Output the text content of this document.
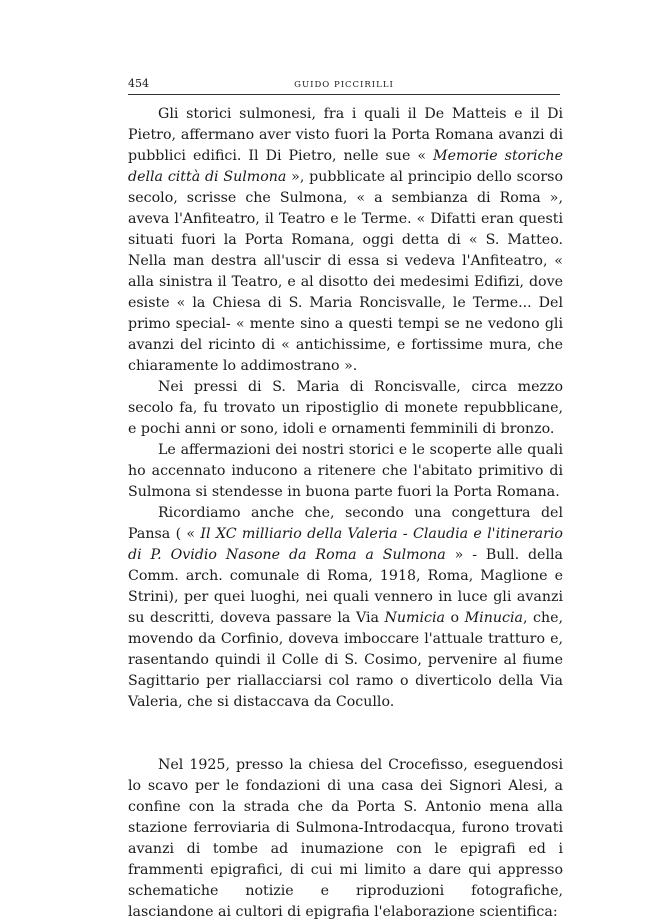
454	GUIDO PICCIRILLI

Gli storici sulmonesi, fra i quali il De Matteis e il Di Pietro, affermano aver visto fuori la Porta Romana avanzi di pubblici edifici. Il Di Pietro, nelle sue « Memorie storiche della città di Sulmona », pubblicate al principio dello scorso secolo, scrisse che Sulmona, « a sembianza di Roma », aveva l'Anfiteatro, il Teatro e le Terme. « Difatti eran questi situati fuori la Porta Romana, oggi detta di « S. Matteo. Nella man destra all'uscir di essa si vedeva l'Anfiteatro, « alla sinistra il Teatro, e al disotto dei medesimi Edifizi, dove esiste « la Chiesa di S. Maria Roncisvalle, le Terme... Del primo special- « mente sino a questi tempi se ne vedono gli avanzi del ricinto di « antichissime, e fortissime mura, che chiaramente lo addimostrano ».

Nei pressi di S. Maria di Roncisvalle, circa mezzo secolo fa, fu trovato un ripostiglio di monete repubblicane, e pochi anni or sono, idoli e ornamenti femminili di bronzo.

Le affermazioni dei nostri storici e le scoperte alle quali ho accennato inducono a ritenere che l'abitato primitivo di Sulmona si stendesse in buona parte fuori la Porta Romana.

Ricordiamo anche che, secondo una congettura del Pansa ( « Il XC milliario della Valeria - Claudia e l'itinerario di P. Ovidio Nasone da Roma a Sulmona » - Bull. della Comm. arch. comunale di Roma, 1918, Roma, Maglione e Strini), per quei luoghi, nei quali vennero in luce gli avanzi su descritti, doveva passare la Via Numicia o Minucia, che, movendo da Corfinio, doveva imboccare l'attuale tratturo e, rasentando quindi il Colle di S. Cosimo, pervenire al fiume Sagittario per riallacciarsi col ramo o diverticolo della Via Valeria, che si distaccava da Cocullo.

Nel 1925, presso la chiesa del Crocefisso, eseguendosi lo scavo per le fondazioni di una casa dei Signori Alesi, a confine con la strada che da Porta S. Antonio mena alla stazione ferroviaria di Sulmona-Introdacqua, furono trovati avanzi di tombe ad inumazione con le epigrafi ed i frammenti epigrafici, di cui mi limito a dare qui appresso schematiche notizie e riproduzioni fotografiche, lasciandone ai cultori di epigrafia l'elaborazione scientifica:
